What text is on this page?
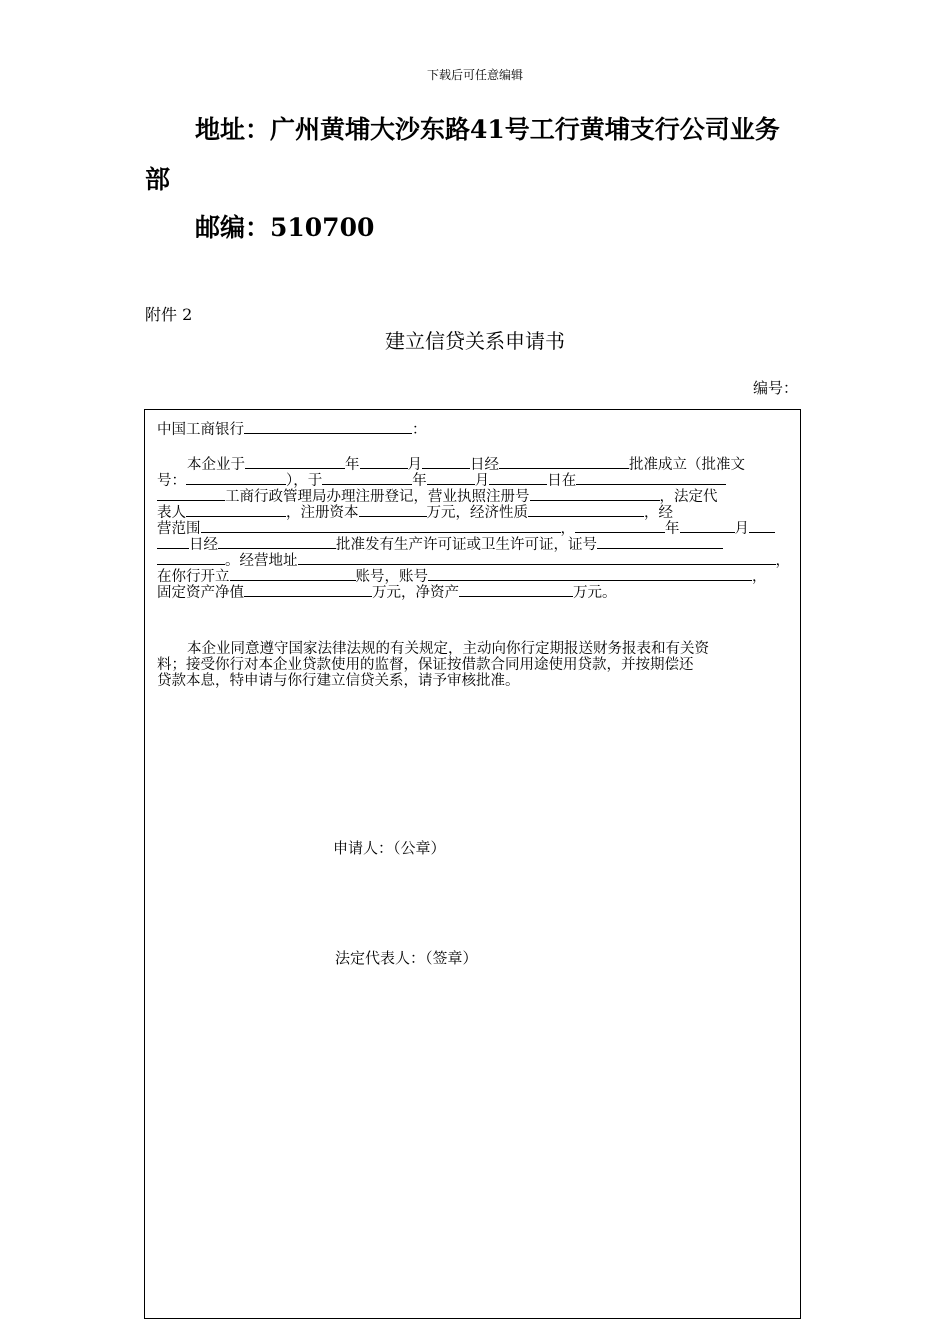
下载后可任意编辑
地址：广州黄埔大沙东路41号工行黄埔支行公司业务
部
邮编：510700
附件 2
建立信贷关系申请书
编号：
中国工商银行	：
本企业于	年	月	日经	批准成立（批准文
号：	），于	年	月	日在
工商行政管理局办理注册登记，营业执照注册号	，法定代
表人	，注册资本	万元，经济性质	，经
营范围	，	年	月
日经	批准发有生产许可证或卫生许可证，证号
。经营地址	，
在你行开立	账号，账号	，
固定资产净值	万元，净资产	万元。
本企业同意遵守国家法律法规的有关规定，主动向你行定期报送财务报表和有关资
料；接受你行对本企业贷款使用的监督，保证按借款合同用途使用贷款，并按期偿还
贷款本息，特申请与你行建立信贷关系，请予审核批准。
申请人：（公章）
法定代表人：（签章）
